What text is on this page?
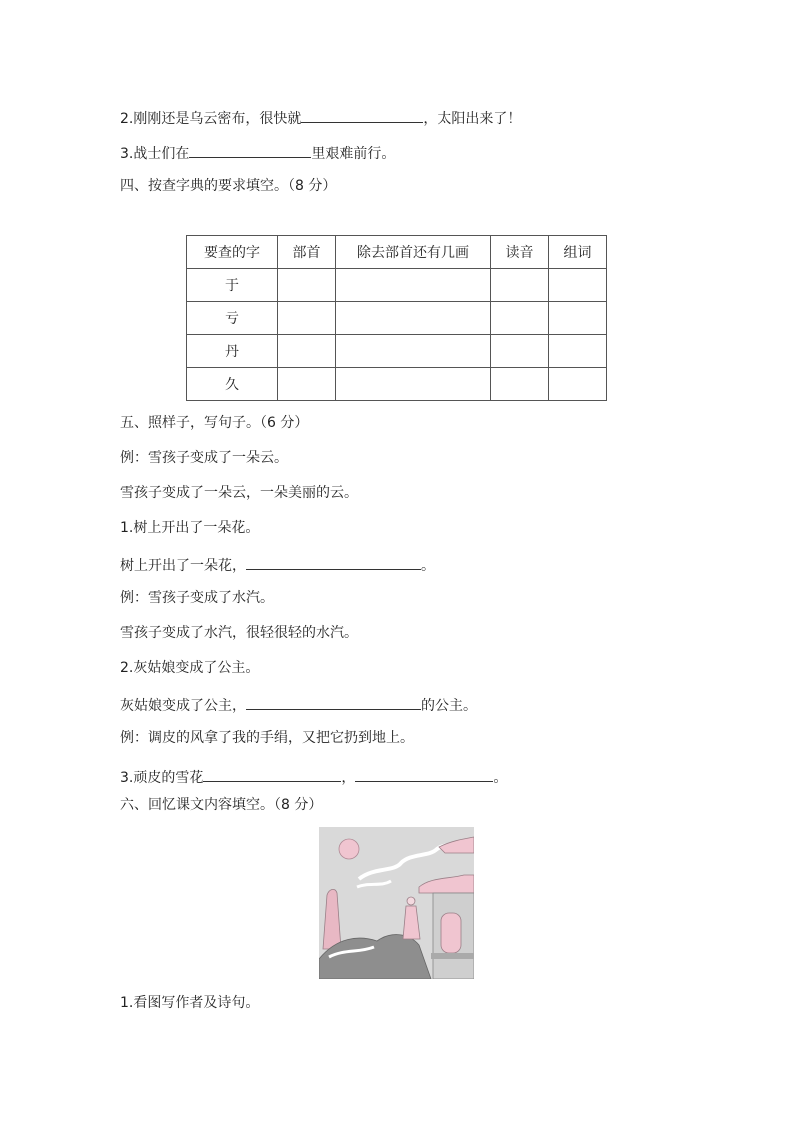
2.刚刚还是乌云密布，很快就	，太阳出来了！
3.战士们在	里艰难前行。
四、按查字典的要求填空。（8 分）
要查的字	部首	除去部首还有几画	读音	组词
于				
亏				
丹				
久				
五、照样子，写句子。（6 分）
例：雪孩子变成了一朵云。
雪孩子变成了一朵云，一朵美丽的云。
1.树上开出了一朵花。
树上开出了一朵花，	。
例：雪孩子变成了水汽。
雪孩子变成了水汽，很轻很轻的水汽。
2.灰姑娘变成了公主。
灰姑娘变成了公主，	的公主。
例：调皮的风拿了我的手绢，又把它扔到地上。
3.顽皮的雪花	，	。
六、回忆课文内容填空。（8 分）
1.看图写作者及诗句。
